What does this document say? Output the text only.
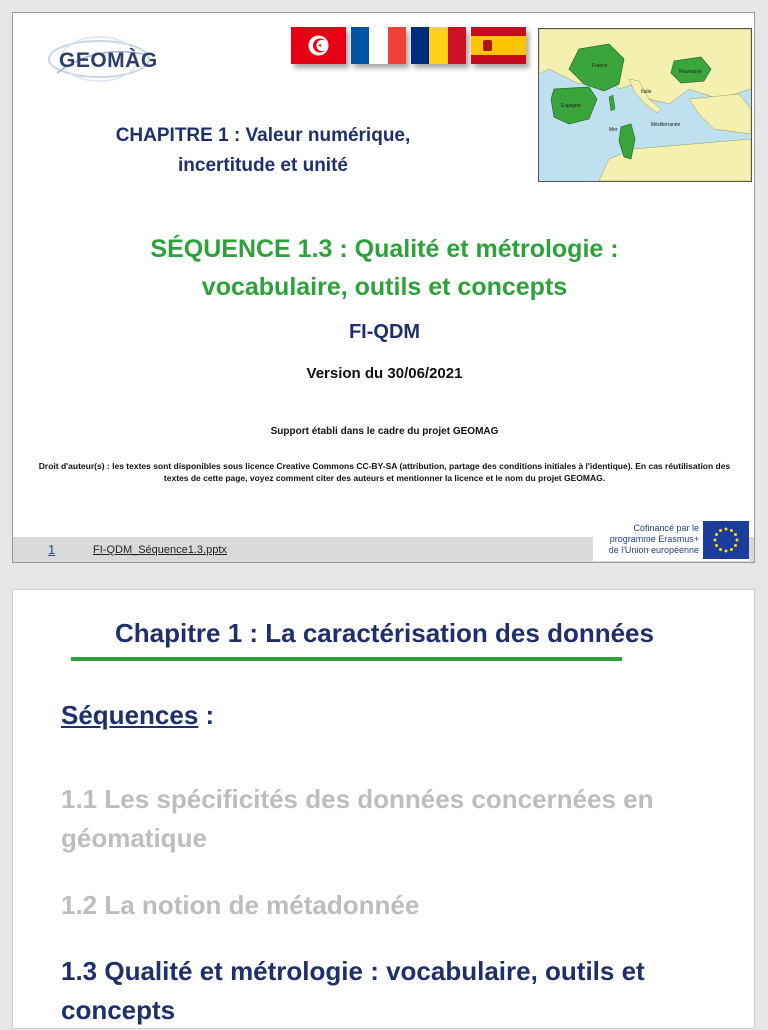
GEOMÀG	France
Roumanie
Mer
Méditerranée
Italie
Espagne
CHAPITRE 1 : Valeur numérique,
incertitude et unité
SÉQUENCE 1.3 : Qualité et métrologie :
vocabulaire, outils et concepts
FI-QDM
Version du 30/06/2021
Support établi dans le cadre du projet GEOMAG
Droit d'auteur(s) : les textes sont disponibles sous licence Creative Commons CC-BY-SA (attribution, partage des conditions initiales à l'identique). En cas réutilisation des textes de cette page, voyez comment citer des auteurs et mentionner la licence et le nom du projet GEOMAG.
1	FI-QDM_Séquence1.3.pptx
Cofinancé par le
programme Erasmus+
de l'Union européenne
Chapitre 1 : La caractérisation des données
Séquences :
1.1 Les spécificités des données concernées en géomatique
1.2 La notion de métadonnée
1.3 Qualité et métrologie : vocabulaire, outils et concepts
